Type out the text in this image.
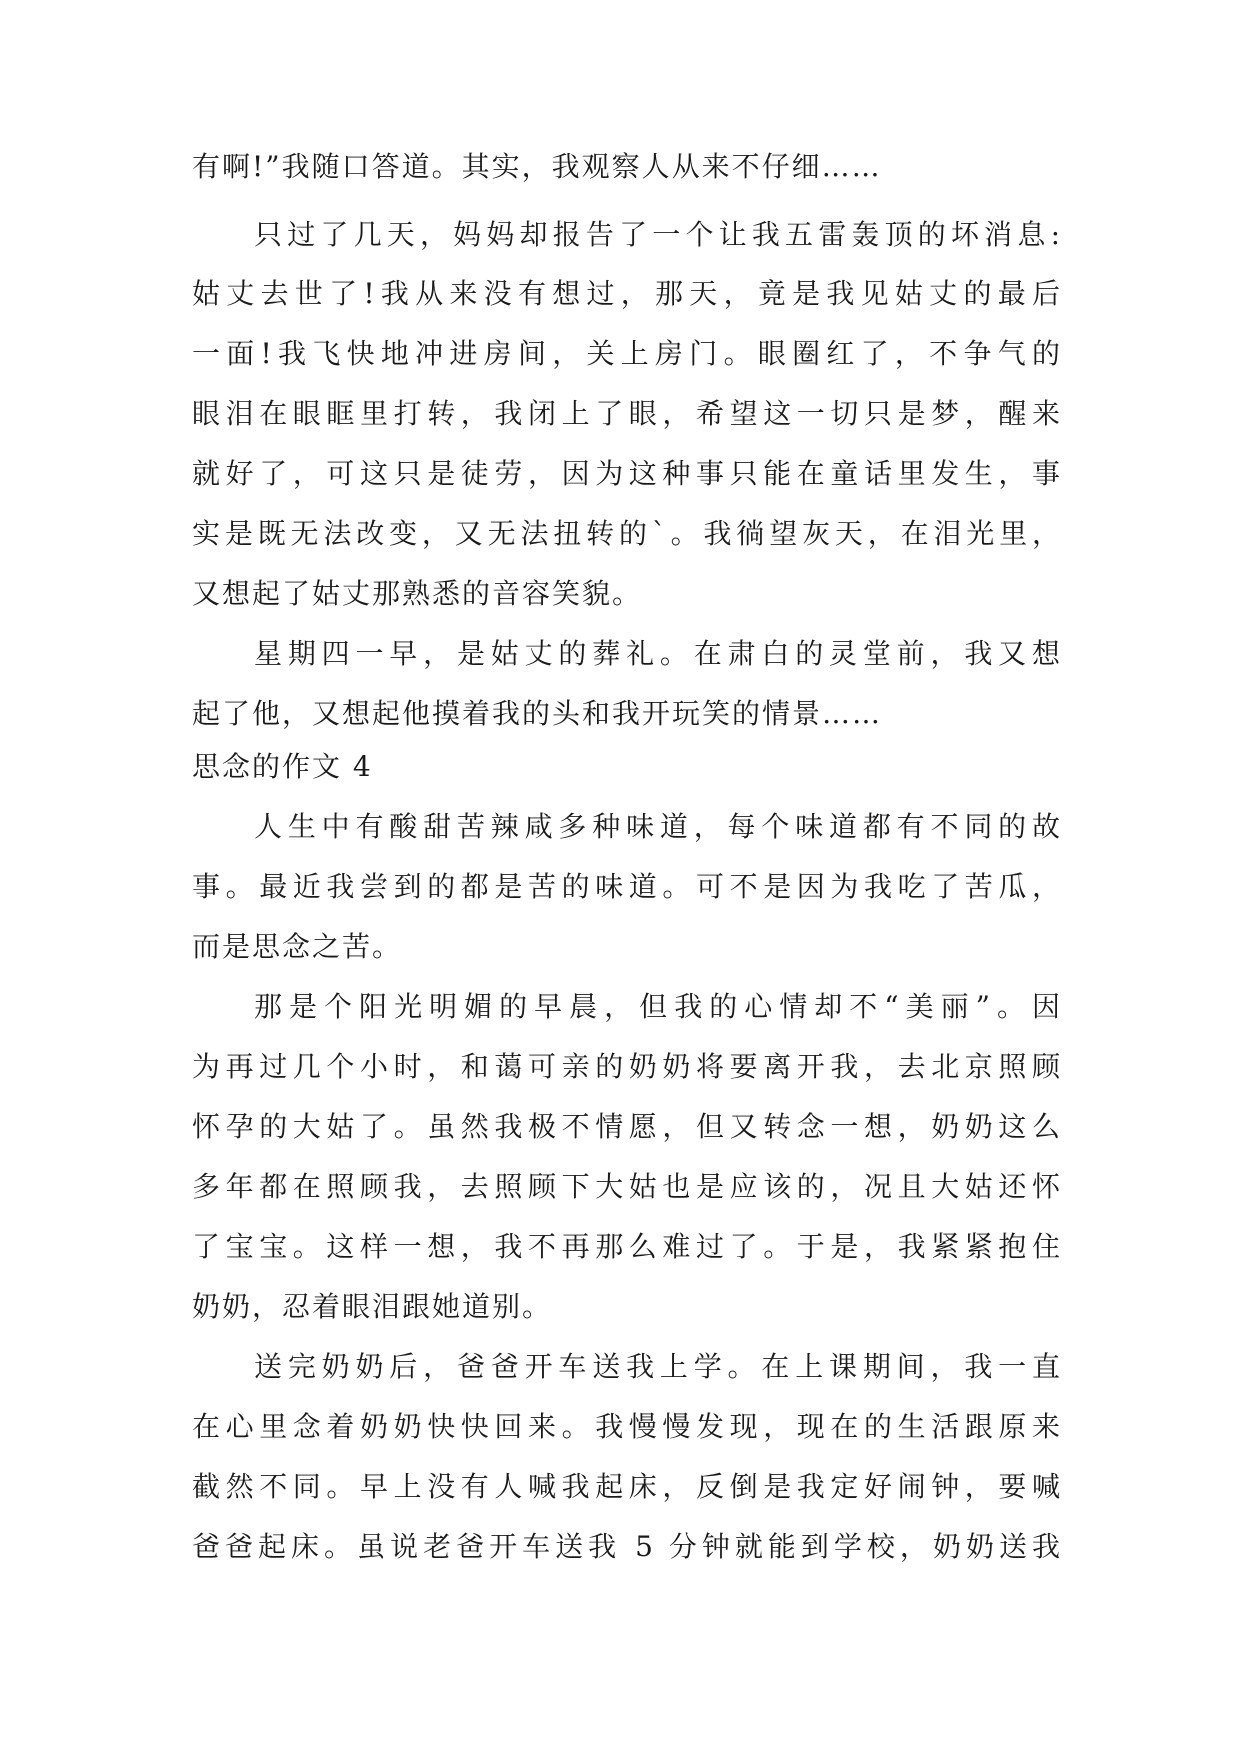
有啊!”我随口答道。其实，我观察人从来不仔细……

只过了几天，妈妈却报告了一个让我五雷轰顶的坏消息:

姑丈去世了!我从来没有想过，那天，竟是我见姑丈的最后

一面!我飞快地冲进房间，关上房门。眼圈红了，不争气的

眼泪在眼眶里打转，我闭上了眼，希望这一切只是梦，醒来

就好了，可这只是徒劳，因为这种事只能在童话里发生，事

实是既无法改变，又无法扭转的`。我徜望灰天，在泪光里，

又想起了姑丈那熟悉的音容笑貌。

星期四一早，是姑丈的葬礼。在肃白的灵堂前，我又想

起了他，又想起他摸着我的头和我开玩笑的情景……

思念的作文 4

人生中有酸甜苦辣咸多种味道，每个味道都有不同的故

事。最近我尝到的都是苦的味道。可不是因为我吃了苦瓜，

而是思念之苦。

那是个阳光明媚的早晨，但我的心情却不“美丽”。因

为再过几个小时，和蔼可亲的奶奶将要离开我，去北京照顾

怀孕的大姑了。虽然我极不情愿，但又转念一想，奶奶这么

多年都在照顾我，去照顾下大姑也是应该的，况且大姑还怀

了宝宝。这样一想，我不再那么难过了。于是，我紧紧抱住

奶奶，忍着眼泪跟她道别。

送完奶奶后，爸爸开车送我上学。在上课期间，我一直

在心里念着奶奶快快回来。我慢慢发现，现在的生活跟原来

截然不同。早上没有人喊我起床，反倒是我定好闹钟，要喊

爸爸起床。虽说老爸开车送我 5 分钟就能到学校，奶奶送我
